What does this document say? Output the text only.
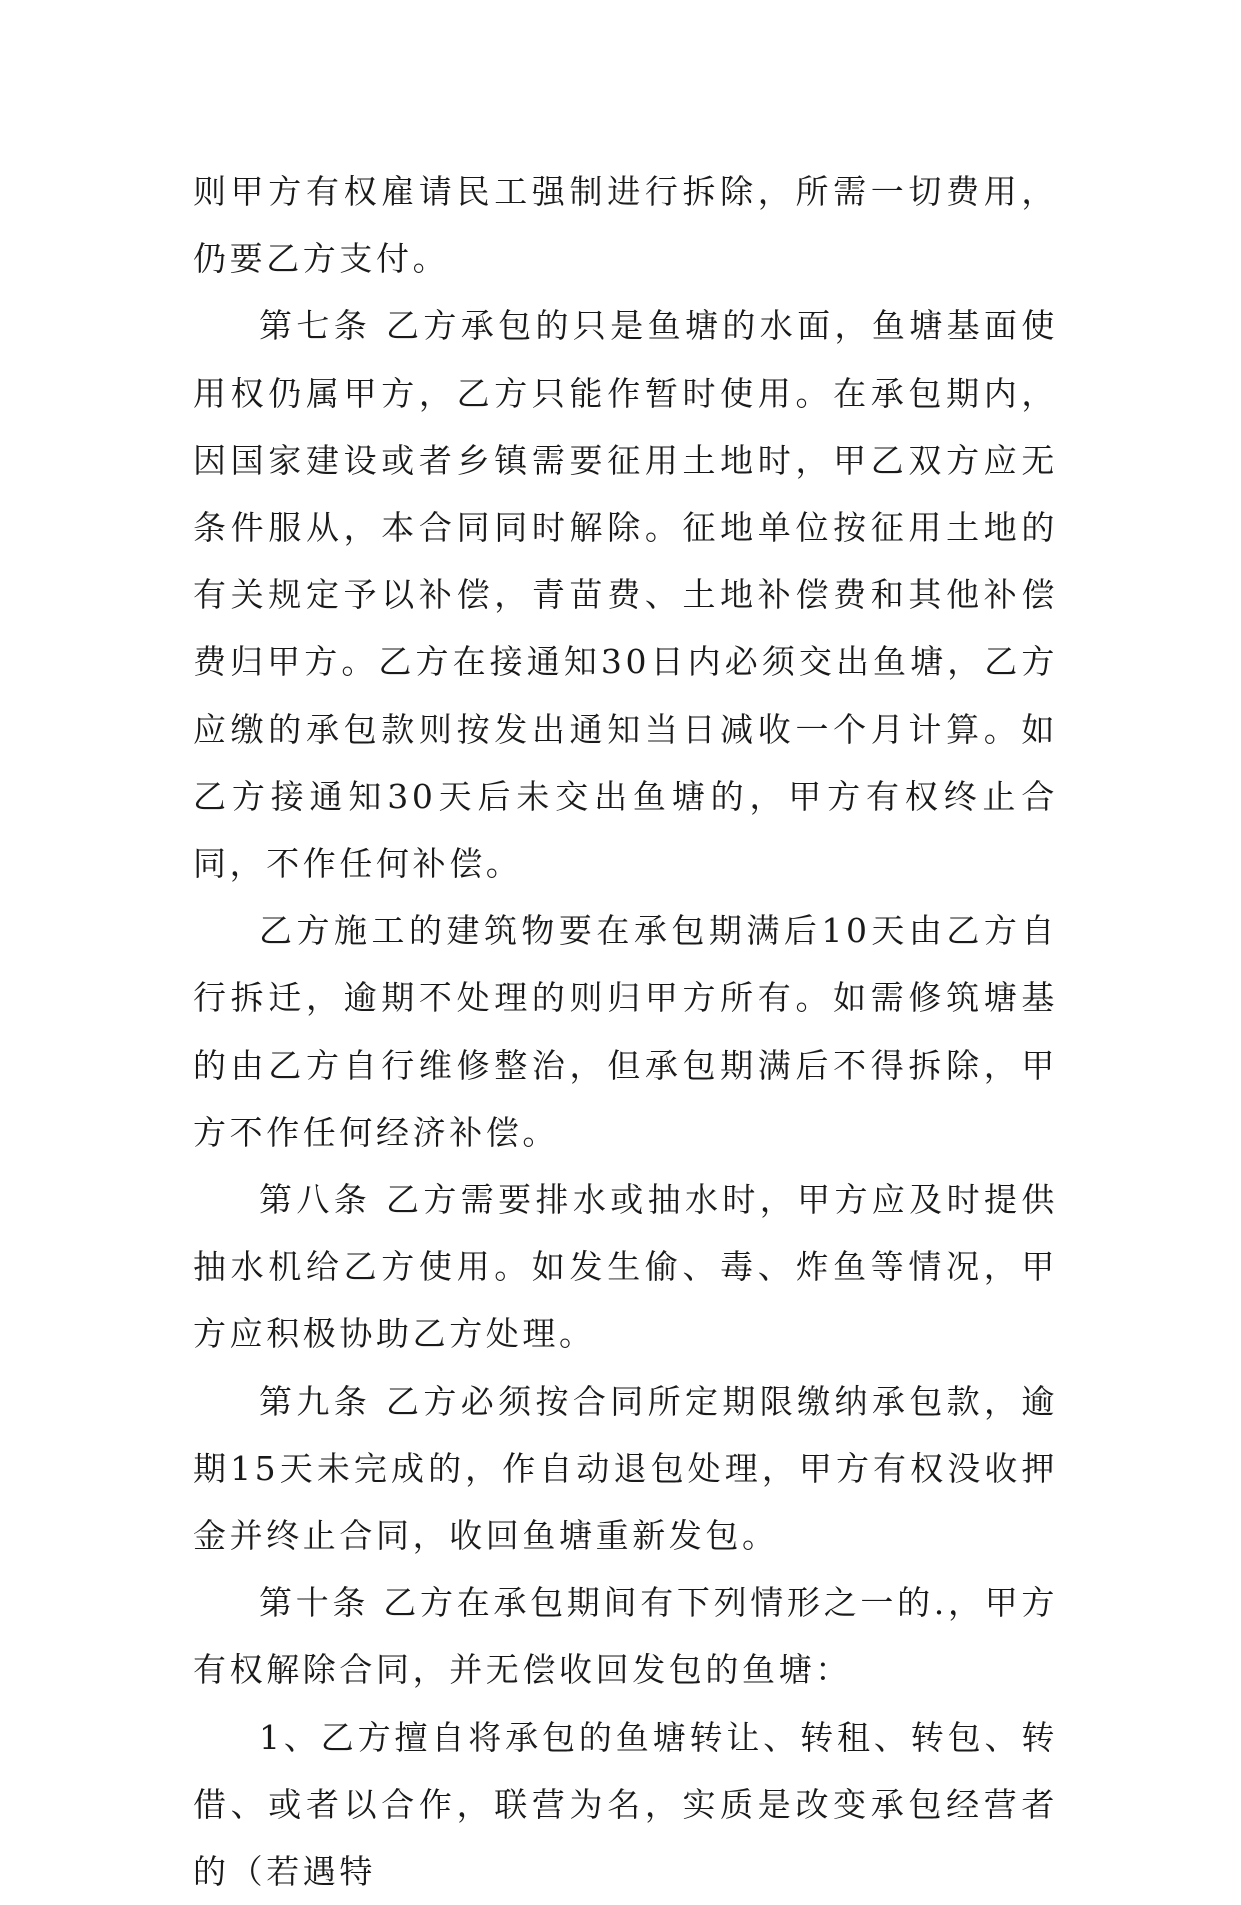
则甲方有权雇请民工强制进行拆除，所需一切费用，仍要乙方支付。

第七条 乙方承包的只是鱼塘的水面，鱼塘基面使用权仍属甲方，乙方只能作暂时使用。在承包期内，因国家建设或者乡镇需要征用土地时，甲乙双方应无条件服从，本合同同时解除。征地单位按征用土地的有关规定予以补偿，青苗费、土地补偿费和其他补偿费归甲方。乙方在接通知30日内必须交出鱼塘，乙方应缴的承包款则按发出通知当日减收一个月计算。如乙方接通知30天后未交出鱼塘的，甲方有权终止合同，不作任何补偿。

乙方施工的建筑物要在承包期满后10天由乙方自行拆迁，逾期不处理的则归甲方所有。如需修筑塘基的由乙方自行维修整治，但承包期满后不得拆除，甲方不作任何经济补偿。

第八条 乙方需要排水或抽水时，甲方应及时提供抽水机给乙方使用。如发生偷、毒、炸鱼等情况，甲方应积极协助乙方处理。

第九条 乙方必须按合同所定期限缴纳承包款，逾期15天未完成的，作自动退包处理，甲方有权没收押金并终止合同，收回鱼塘重新发包。

第十条 乙方在承包期间有下列情形之一的.，甲方有权解除合同，并无偿收回发包的鱼塘：

1、乙方擅自将承包的鱼塘转让、转租、转包、转借、或者以合作，联营为名，实质是改变承包经营者的（若遇特
